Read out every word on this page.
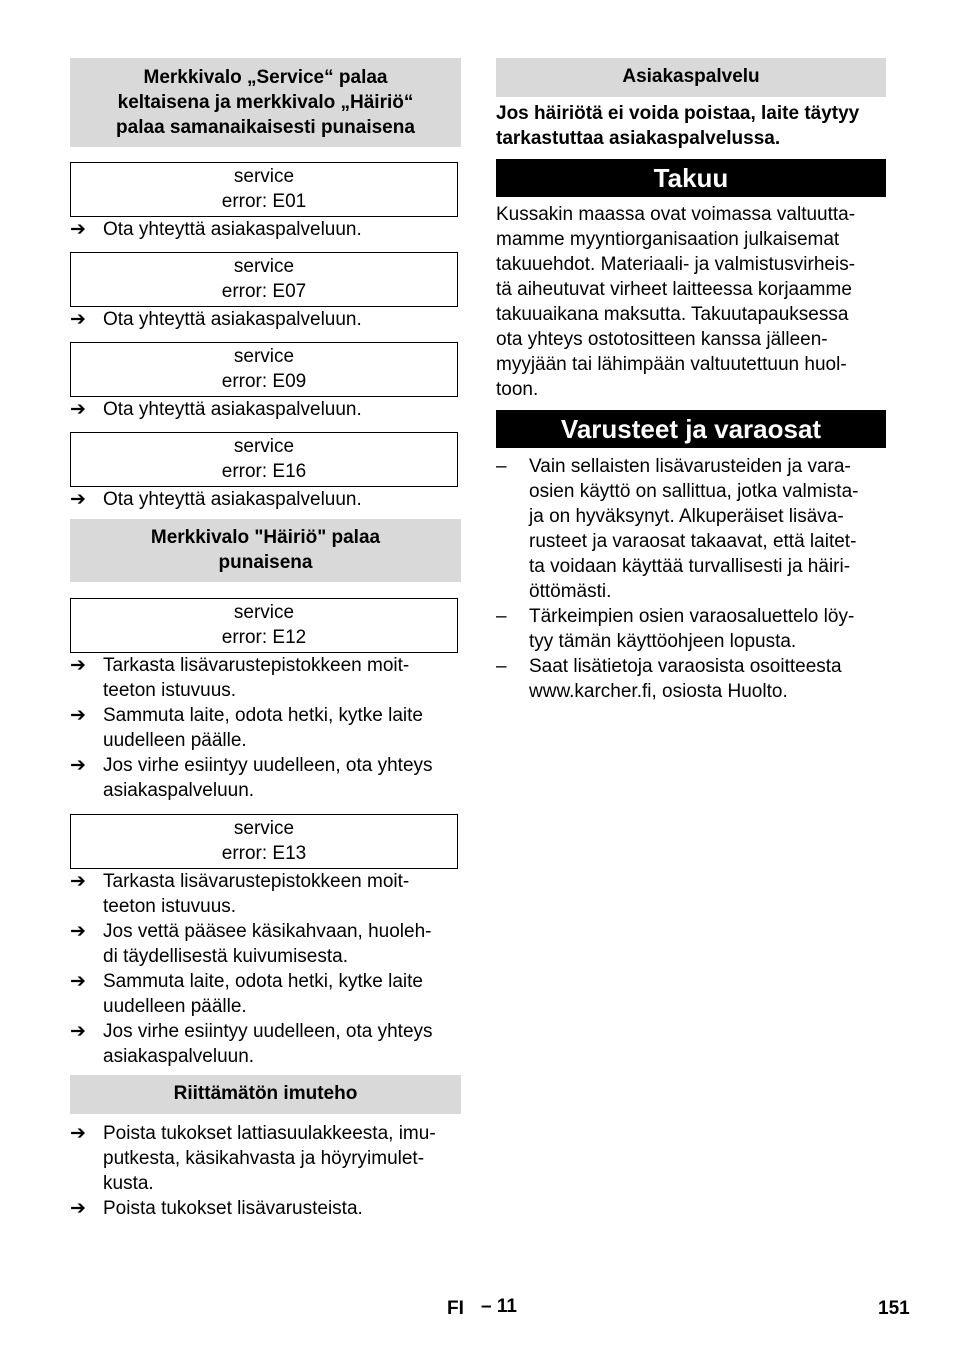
Merkkivalo „Service“ palaa
keltaisena ja merkkivalo „Häiriö“
palaa samanaikaisesti punaisena
service
error: E01
➔ Ota yhteyttä asiakaspalveluun.
service
error: E07
➔ Ota yhteyttä asiakaspalveluun.
service
error: E09
➔ Ota yhteyttä asiakaspalveluun.
service
error: E16
➔ Ota yhteyttä asiakaspalveluun.
Merkkivalo "Häiriö" palaa
punaisena
service
error: E12
➔ Tarkasta lisävarustepistokkeen moit-
teeton istuvuus.
➔ Sammuta laite, odota hetki, kytke laite
uudelleen päälle.
➔ Jos virhe esiintyy uudelleen, ota yhteys
asiakaspalveluun.
service
error: E13
➔ Tarkasta lisävarustepistokkeen moit-
teeton istuvuus.
➔ Jos vettä pääsee käsikahvaan, huoleh-
di täydellisestä kuivumisesta.
➔ Sammuta laite, odota hetki, kytke laite
uudelleen päälle.
➔ Jos virhe esiintyy uudelleen, ota yhteys
asiakaspalveluun.
Riittämätön imuteho
➔ Poista tukokset lattiasuulakkeesta, imu-
putkesta, käsikahvasta ja höyryimulet-
kusta.
➔ Poista tukokset lisävarusteista.
Asiakaspalvelu
Jos häiriötä ei voida poistaa, laite täytyy
tarkastuttaa asiakaspalvelussa.
Takuu
Kussakin maassa ovat voimassa valtuutta-
mamme myyntiorganisaation julkaisemat
takuuehdot. Materiaali- ja valmistusvirheis-
tä aiheutuvat virheet laitteessa korjaamme
takuuaikana maksutta. Takuutapauksessa
ota yhteys ostotositteen kanssa jälleen-
myyjään tai lähimpään valtuutettuun huol-
toon.
Varusteet ja varaosat
–	Vain sellaisten lisävarusteiden ja vara-
osien käyttö on sallittua, jotka valmista-
ja on hyväksynyt. Alkuperäiset lisäva-
rusteet ja varaosat takaavat, että laitet-
ta voidaan käyttää turvallisesti ja häiri-
öttömästi.
–	Tärkeimpien osien varaosaluettelo löy-
tyy tämän käyttöohjeen lopusta.
–	Saat lisätietoja varaosista osoitteesta
www.karcher.fi, osiosta Huolto.
FI – 11	151
